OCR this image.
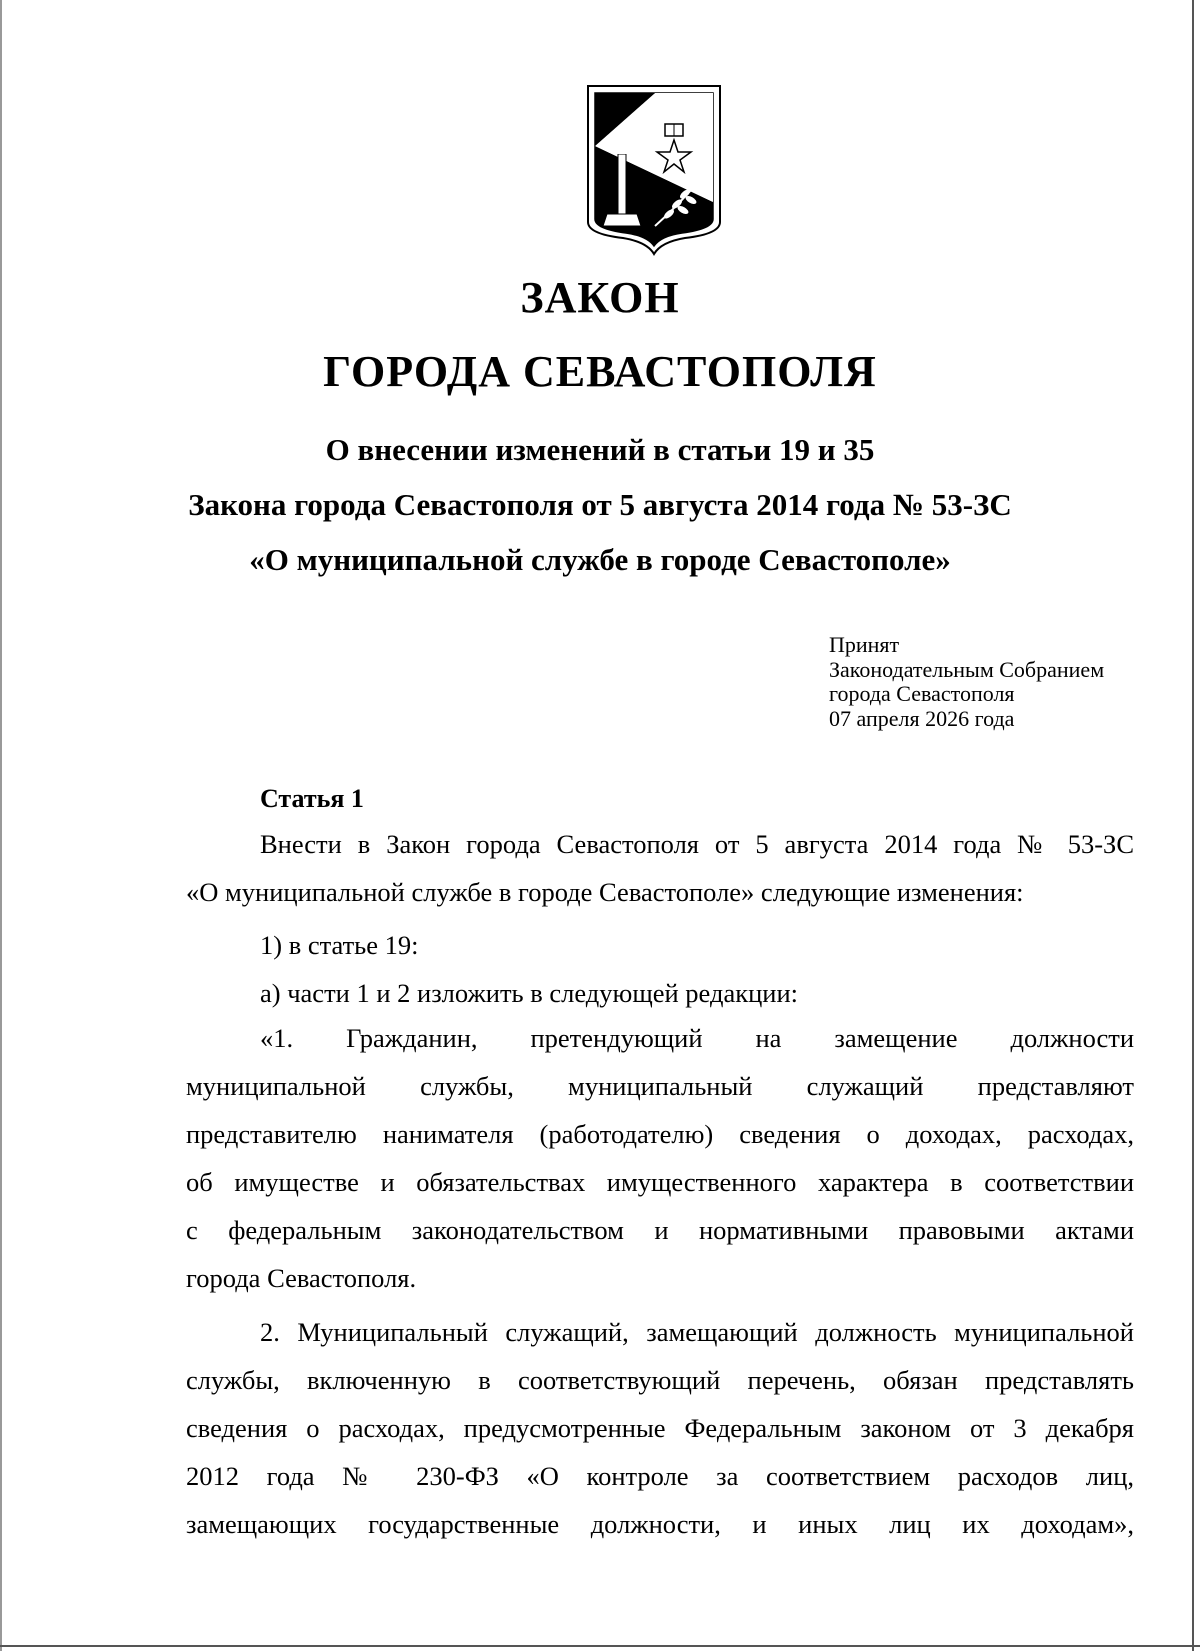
ЗАКОН
ГОРОДА СЕВАСТОПОЛЯ
О внесении изменений в статьи 19 и 35
Закона города Севастополя от 5 августа 2014 года № 53-ЗС
«О муниципальной службе в городе Севастополе»
Принят
Законодательным Собранием
города Севастополя
07 апреля 2026 года
Статья 1
Внести в Закон города Севастополя от 5 августа 2014 года № 53-ЗС
«О муниципальной службе в городе Севастополе» следующие изменения:
1) в статье 19:
а) части 1 и 2 изложить в следующей редакции:
«1. Гражданин, претендующий на замещение должности
муниципальной службы, муниципальный служащий представляют
представителю нанимателя (работодателю) сведения о доходах, расходах,
об имуществе и обязательствах имущественного характера в соответствии
с федеральным законодательством и нормативными правовыми актами
города Севастополя.
2. Муниципальный служащий, замещающий должность муниципальной
службы, включенную в соответствующий перечень, обязан представлять
сведения о расходах, предусмотренные Федеральным законом от 3 декабря
2012 года № 230-ФЗ «О контроле за соответствием расходов лиц,
замещающих государственные должности, и иных лиц их доходам»,
